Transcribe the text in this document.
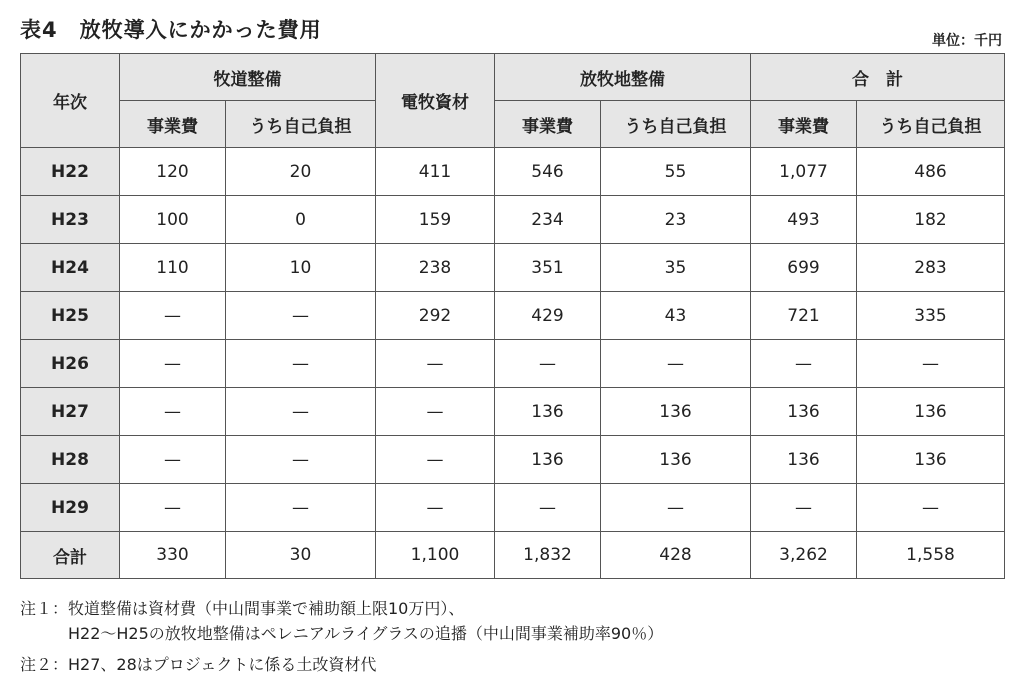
表4　放牧導入にかかった費用	単位：千円
年次	牧道整備		電牧資材	放牧地整備		合　計	
	事業費	うち自己負担		事業費	うち自己負担	事業費	うち自己負担
H22	120	20	411	546	55	1,077	486
H23	100	0	159	234	23	493	182
H24	110	10	238	351	35	699	283
H25	—	—	292	429	43	721	335
H26	—	—	—	—	—	—	—
H27	—	—	—	136	136	136	136
H28	—	—	—	136	136	136	136
H29	—	—	—	—	—	—	—
合計	330	30	1,100	1,832	428	3,262	1,558
注１：牧道整備は資材費（中山間事業で補助額上限10万円）、
H22～H25の放牧地整備はペレニアルライグラスの追播（中山間事業補助率90％）
注２：H27、28はプロジェクトに係る土改資材代
